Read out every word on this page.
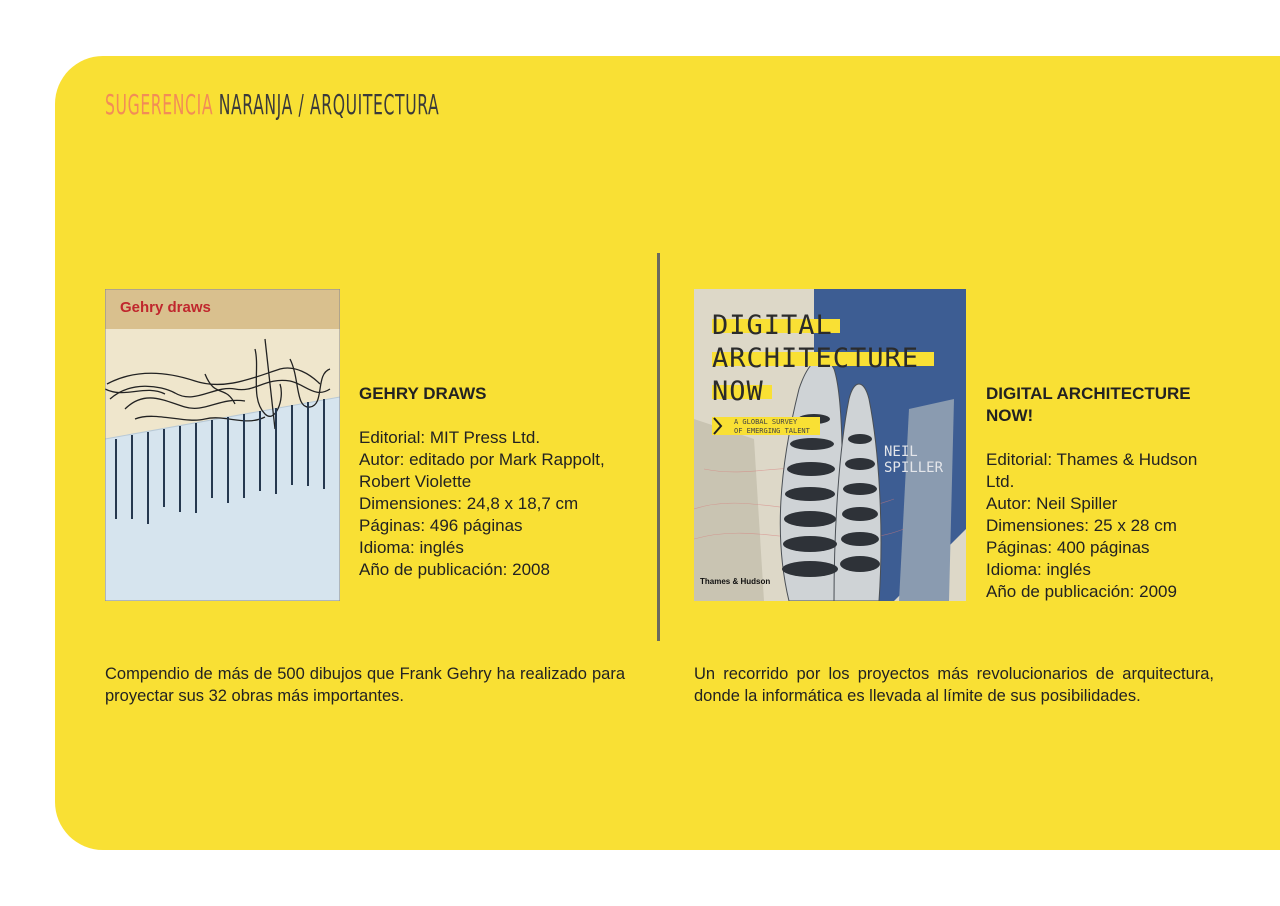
SUGERENCIA NARANJA / ARQUITECTURA
Gehry draws
GEHRY DRAWS
Editorial: MIT Press Ltd.
Autor: editado por Mark Rappolt, Robert Violette
Dimensiones: 24,8 x 18,7 cm
Páginas: 496 páginas
Idioma: inglés
Año de publicación: 2008
DIGITAL
ARCHITECTURE
NOW
A GLOBAL SURVEY
OF EMERGING TALENT
NEIL
SPILLER
Thames & Hudson
DIGITAL ARCHITECTURE NOW!
Editorial: Thames & Hudson Ltd.
Autor: Neil Spiller
Dimensiones: 25 x 28 cm
Páginas: 400 páginas
Idioma: inglés
Año de publicación: 2009
Compendio de más de 500 dibujos que Frank Gehry ha realizado para proyectar sus 32 obras más importantes.
Un recorrido por los proyectos más revolucionarios de arquitectura, donde la informática es llevada al límite de sus posibilidades.
